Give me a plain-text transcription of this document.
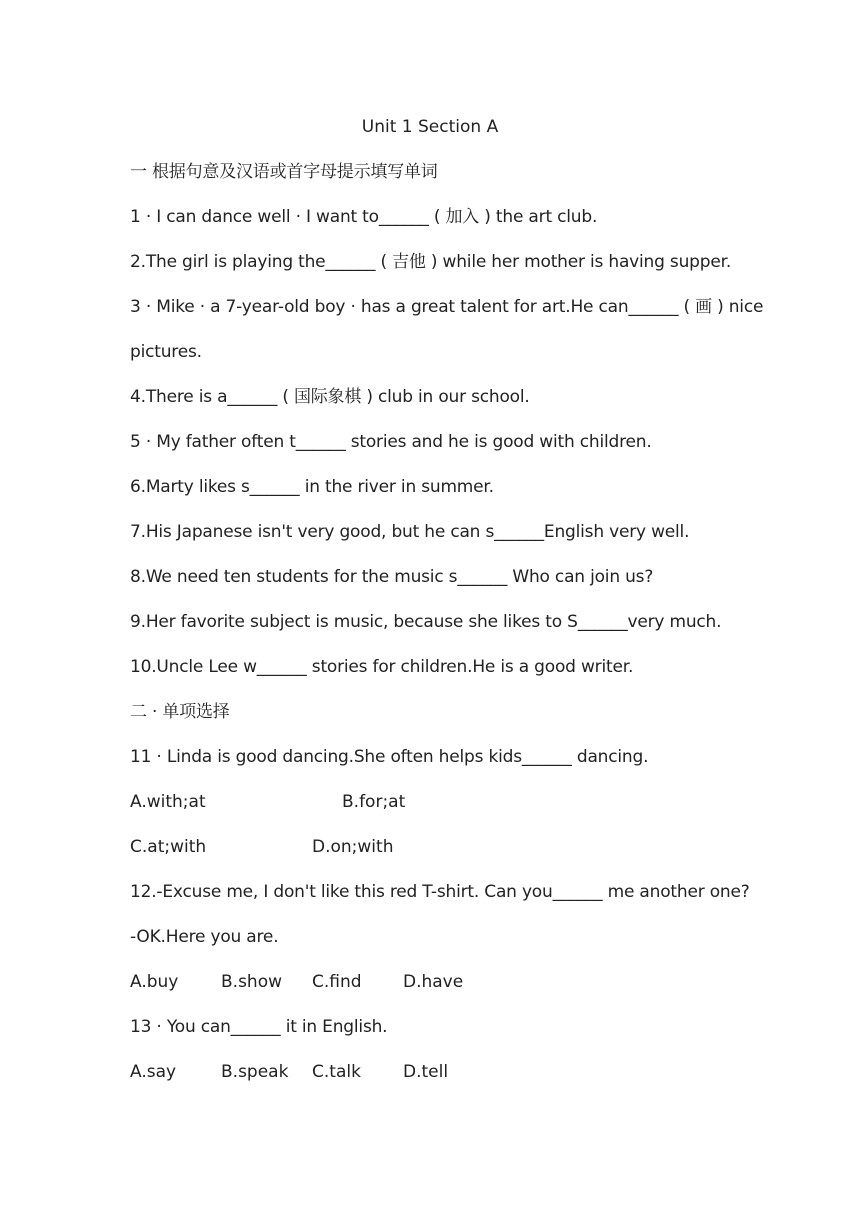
Unit 1 Section A
一 根据句意及汉语或首字母提示填写单词
1 · I can dance well · I want to______ ( 加入 ) the art club.
2.The girl is playing the______ ( 吉他 ) while her mother is having supper.
3 · Mike · a 7-year-old boy · has a great talent for art.He can______ ( 画 ) nice
pictures.
4.There is a______ ( 国际象棋 ) club in our school.
5 · My father often t______ stories and he is good with children.
6.Marty likes s______ in the river in summer.
7.His Japanese isn't very good, but he can s______English very well.
8.We need ten students for the music s______ Who can join us?
9.Her favorite subject is music, because she likes to S______very much.
10.Uncle Lee w______ stories for children.He is a good writer.
二 · 单项选择
11 · Linda is good dancing.She often helps kids______ dancing.
A.with;at	B.for;at
C.at;with	D.on;with
12.-Excuse me, I don't like this red T-shirt. Can you______ me another one?
-OK.Here you are.
A.buy	B.show C.find D.have
13 · You can______ it in English.
A.say	B.speak C.talk D.tell
